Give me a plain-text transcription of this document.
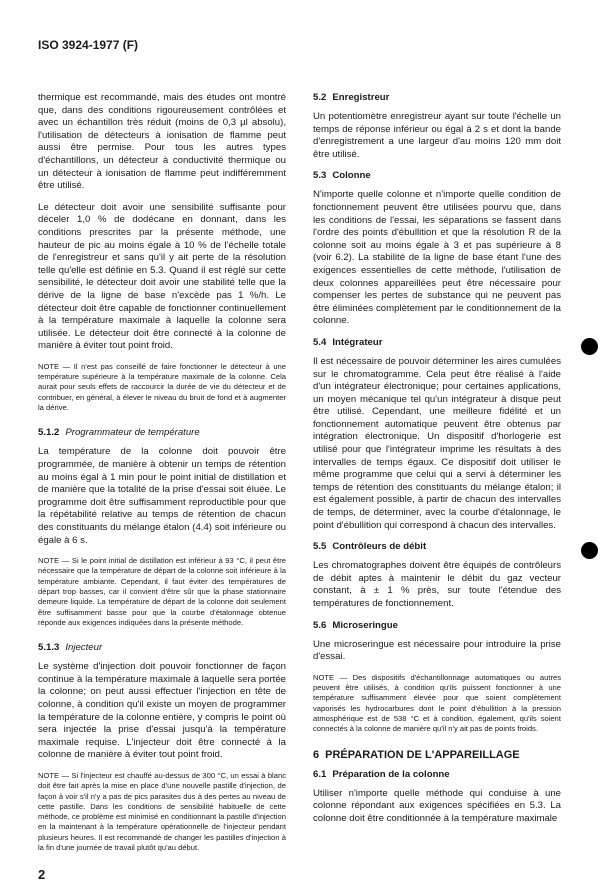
ISO 3924-1977 (F)

thermique est recommandé, mais des études ont montré que, dans des conditions rigoureusement contrôlées et avec un échantillon très réduit (moins de 0,3 µl absolu), l'utilisation de détecteurs à ionisation de flamme peut aussi être permise. Pour tous les autres types d'échantillons, un détecteur à conductivité thermique ou un détecteur à ionisation de flamme peut indifféremment être utilisé.

Le détecteur doit avoir une sensibilité suffisante pour déceler 1,0 % de dodécane en donnant, dans les conditions prescrites par la présente méthode, une hauteur de pic au moins égale à 10 % de l'échelle totale de l'enregistreur et sans qu'il y ait perte de la résolution telle qu'elle est définie en 5.3. Quand il est réglé sur cette sensibilité, le détecteur doit avoir une stabilité telle que la dérive de la ligne de base n'excède pas 1 %/h. Le détecteur doit être capable de fonctionner continuellement à la température maximale à laquelle la colonne sera utilisée. Le détecteur doit être connecté à la colonne de manière à éviter tout point froid.

NOTE — Il n'est pas conseillé de faire fonctionner le détecteur à une température supérieure à la température maximale de la colonne. Cela aurait pour seuls effets de raccourcir la durée de vie du détecteur et de contribuer, en général, à élever le niveau du bruit de fond et à augmenter la dérive.

5.1.2 Programmateur de température

La température de la colonne doit pouvoir être programmée, de manière à obtenir un temps de rétention au moins égal à 1 min pour le point initial de distillation et de manière que la totalité de la prise d'essai soit éluée. Le programme doit être suffisamment reproductible pour que la répétabilité relative au temps de rétention de chacun des constituants du mélange étalon (4.4) soit inférieure ou égale à 6 s.

NOTE — Si le point initial de distillation est inférieur à 93 °C, il peut être nécessaire que la température de départ de la colonne soit inférieure à la température ambiante. Cependant, il faut éviter des températures de départ trop basses, car il convient d'être sûr que la phase stationnaire demeure liquide. La température de départ de la colonne doit seulement être suffisamment basse pour que la courbe d'étalonnage obtenue réponde aux exigences indiquées dans la présente méthode.

5.1.3 Injecteur

Le système d'injection doit pouvoir fonctionner de façon continue à la température maximale à laquelle sera portée la colonne; on peut aussi effectuer l'injection en tête de colonne, à condition qu'il existe un moyen de programmer la température de la colonne entière, y compris le point où sera injectée la prise d'essai jusqu'à la température maximale requise. L'injecteur doit être connecté à la colonne de manière à éviter tout point froid.

NOTE — Si l'injecteur est chauffé au-dessus de 300 °C, un essai à blanc doit être fait après la mise en place d'une nouvelle pastille d'injection, de façon à voir s'il n'y a pas de pics parasites dus à des pertes au niveau de cette pastille. Dans les conditions de sensibilité habituelle de cette méthode, ce problème est minimisé en conditionnant la pastille d'injection en la maintenant à la température opérationnelle de l'injecteur pendant plusieurs heures. Il est recommandé de changer les pastilles d'injection à la fin d'une journée de travail plutôt qu'au début.

2
5.2 Enregistreur

Un potentiomètre enregistreur ayant sur toute l'échelle un temps de réponse inférieur ou égal à 2 s et dont la bande d'enregistrement a une largeur d'au moins 120 mm doit être utilisé.

5.3 Colonne

N'importe quelle colonne et n'importe quelle condition de fonctionnement peuvent être utilisées pourvu que, dans les conditions de l'essai, les séparations se fassent dans l'ordre des points d'ébullition et que la résolution R de la colonne soit au moins égale à 3 et pas supérieure à 8 (voir 6.2). La stabilité de la ligne de base étant l'une des exigences essentielles de cette méthode, l'utilisation de deux colonnes appareillées peut être nécessaire pour compenser les pertes de substance qui ne peuvent pas être éliminées complètement par le conditionnement de la colonne.

5.4 Intégrateur

Il est nécessaire de pouvoir déterminer les aires cumulées sur le chromatogramme. Cela peut être réalisé à l'aide d'un intégrateur électronique; pour certaines applications, un moyen mécanique tel qu'un intégrateur à disque peut être utilisé. Cependant, une meilleure fidélité et un fonctionnement automatique peuvent être obtenus par intégration électronique. Un dispositif d'horlogerie est utilisé pour que l'intégrateur imprime les résultats à des intervalles de temps égaux. Ce dispositif doit utiliser le même programme que celui qui a servi à déterminer les temps de rétention des constituants du mélange étalon; il est également possible, à partir de chacun des intervalles de temps, de déterminer, avec la courbe d'étalonnage, le point d'ébullition qui correspond à chacun des intervalles.

5.5 Contrôleurs de débit

Les chromatographes doivent être équipés de contrôleurs de débit aptes à maintenir le débit du gaz vecteur constant, à ± 1 % près, sur toute l'étendue des températures de fonctionnement.

5.6 Microseringue

Une microseringue est nécessaire pour introduire la prise d'essai.

NOTE — Des dispositifs d'échantillonnage automatiques ou autres peuvent être utilisés, à condition qu'ils puissent fonctionner à une température suffisamment élevée pour que soient complètement vaporisés les hydrocarbures dont le point d'ébullition à la pression atmosphérique est de 538 °C et à condition, également, qu'ils soient connectés à la colonne de manière qu'il n'y ait pas de points froids.

6 PRÉPARATION DE L'APPAREILLAGE
6.1 Préparation de la colonne

Utiliser n'importe quelle méthode qui conduise à une colonne répondant aux exigences spécifiées en 5.3. La colonne doit être conditionnée à la température maximale
